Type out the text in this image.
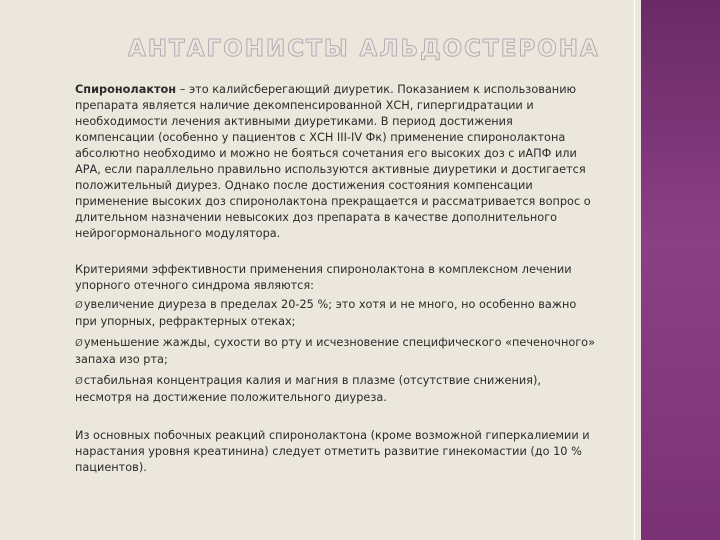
АНТАГОНИСТЫ АЛЬДОСТЕРОНА

Спиронолактон – это калийсберегающий диуретик. Показанием к использованию препарата является наличие декомпенсированной ХСН, гипергидратации и необходимости лечения активными диуретиками. В период достижения компенсации (особенно у пациентов с ХСН III-IV Фк) применение спиронолактона абсолютно необходимо и можно не бояться сочетания его высоких доз с иАПФ или АРА, если параллельно правильно используются активные диуретики и достигается положительный диурез. Однако после достижения состояния компенсации применение высоких доз спиронолактона прекращается и рассматривается вопрос о длительном назначении невысоких доз препарата в качестве дополнительного нейрогормонального модулятора.

Критериями эффективности применения спиронолактона в комплексном лечении упорного отечного синдрома являются:

Øувеличение диуреза в пределах 20-25 %; это хотя и не много, но особенно важно при упорных, рефрактерных отеках;

Øуменьшение жажды, сухости во рту и исчезновение специфического «печеночного» запаха изо рта;

Øстабильная концентрация калия и магния в плазме (отсутствие снижения), несмотря на достижение положительного диуреза.

Из основных побочных реакций спиронолактона (кроме возможной гиперкалиемии и нарастания уровня креатинина) следует отметить развитие гинекомастии (до 10 % пациентов).
